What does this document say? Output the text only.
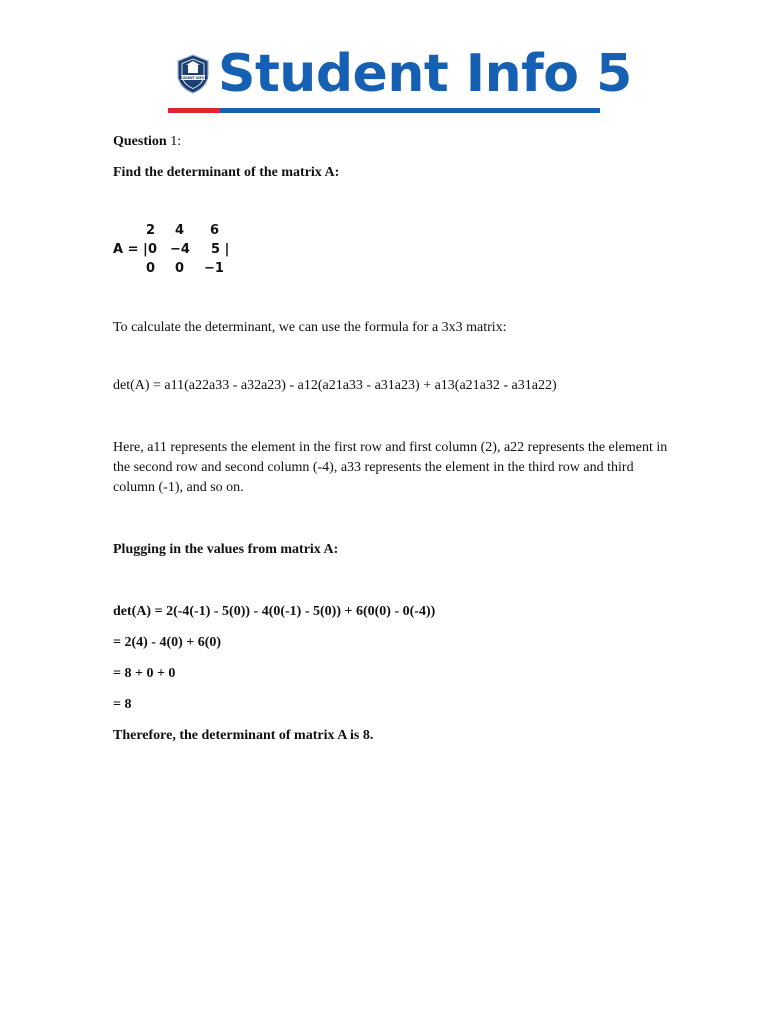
STUDENT INFO 5 Student Info 5

Question 1:

Find the determinant of the matrix A:

2 4 6
A = | 0 −4 5 |
0 0 −1

To calculate the determinant, we can use the formula for a 3x3 matrix:

det(A) = a11(a22a33 - a32a23) - a12(a21a33 - a31a23) + a13(a21a32 - a31a22)

Here, a11 represents the element in the first row and first column (2), a22 represents the element in the second row and second column (-4), a33 represents the element in the third row and third column (-1), and so on.

Plugging in the values from matrix A:

det(A) = 2(-4(-1) - 5(0)) - 4(0(-1) - 5(0)) + 6(0(0) - 0(-4))

= 2(4) - 4(0) + 6(0)

= 8 + 0 + 0

= 8

Therefore, the determinant of matrix A is 8.
